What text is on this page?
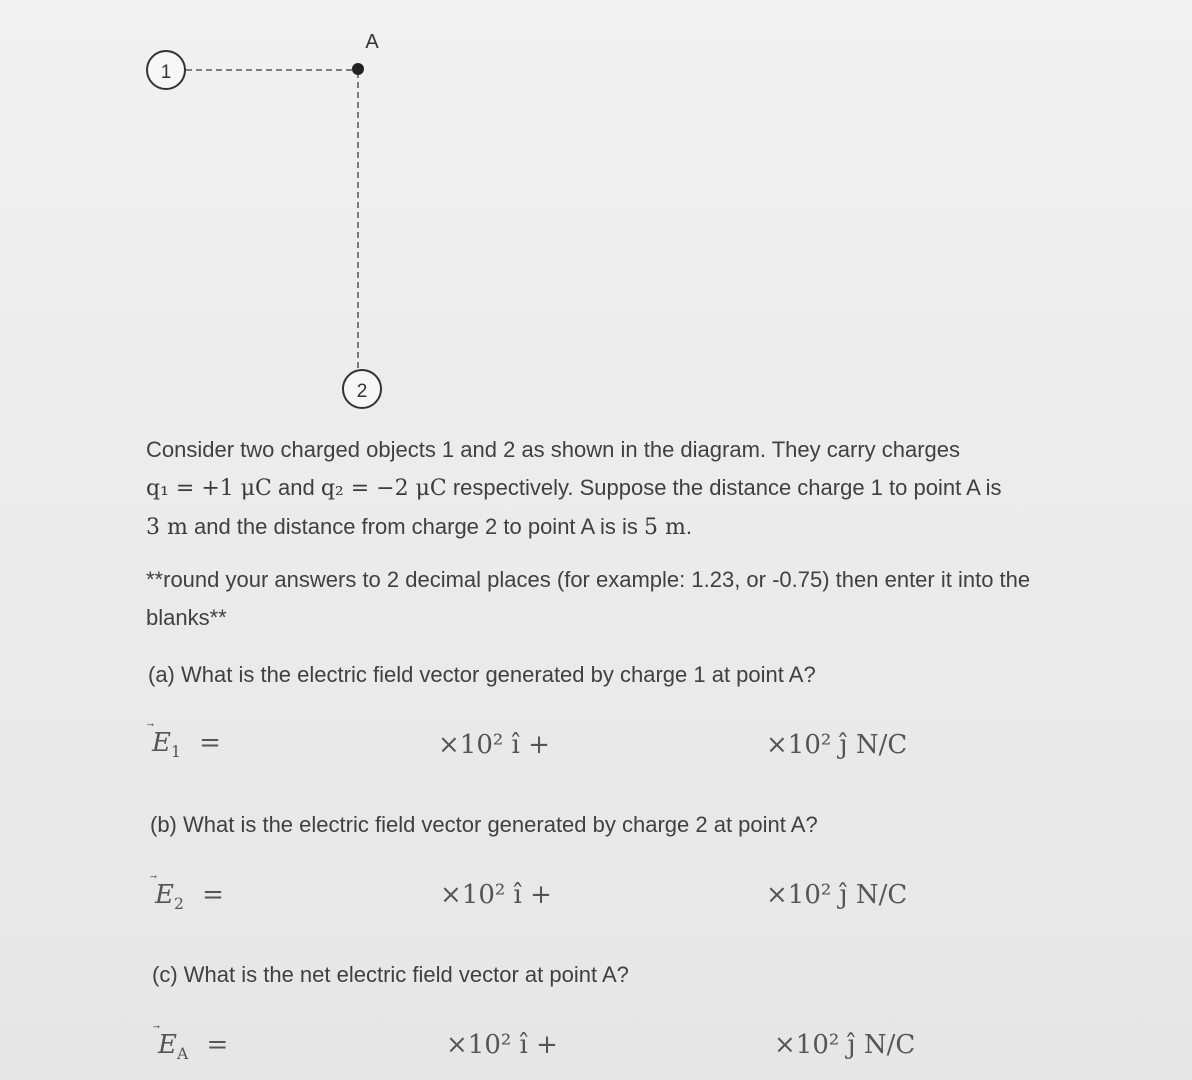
1
A
2
Consider two charged objects 1 and 2 as shown in the diagram. They carry charges
q₁ = +1 μC and q₂ = −2 μC respectively. Suppose the distance charge 1 to point A is
3 m and the distance from charge 2 to point A is is 5 m.
**round your answers to 2 decimal places (for example: 1.23, or -0.75) then enter it into the
blanks**
(a) What is the electric field vector generated by charge 1 at point A?
$E_1$ =	×10² î +	×10² ĵ N/C
(b) What is the electric field vector generated by charge 2 at point A?
$E_2$ =	×10² î +	×10² ĵ N/C
(c) What is the net electric field vector at point A?
$E_A$ =	×10² î +	×10² ĵ N/C
